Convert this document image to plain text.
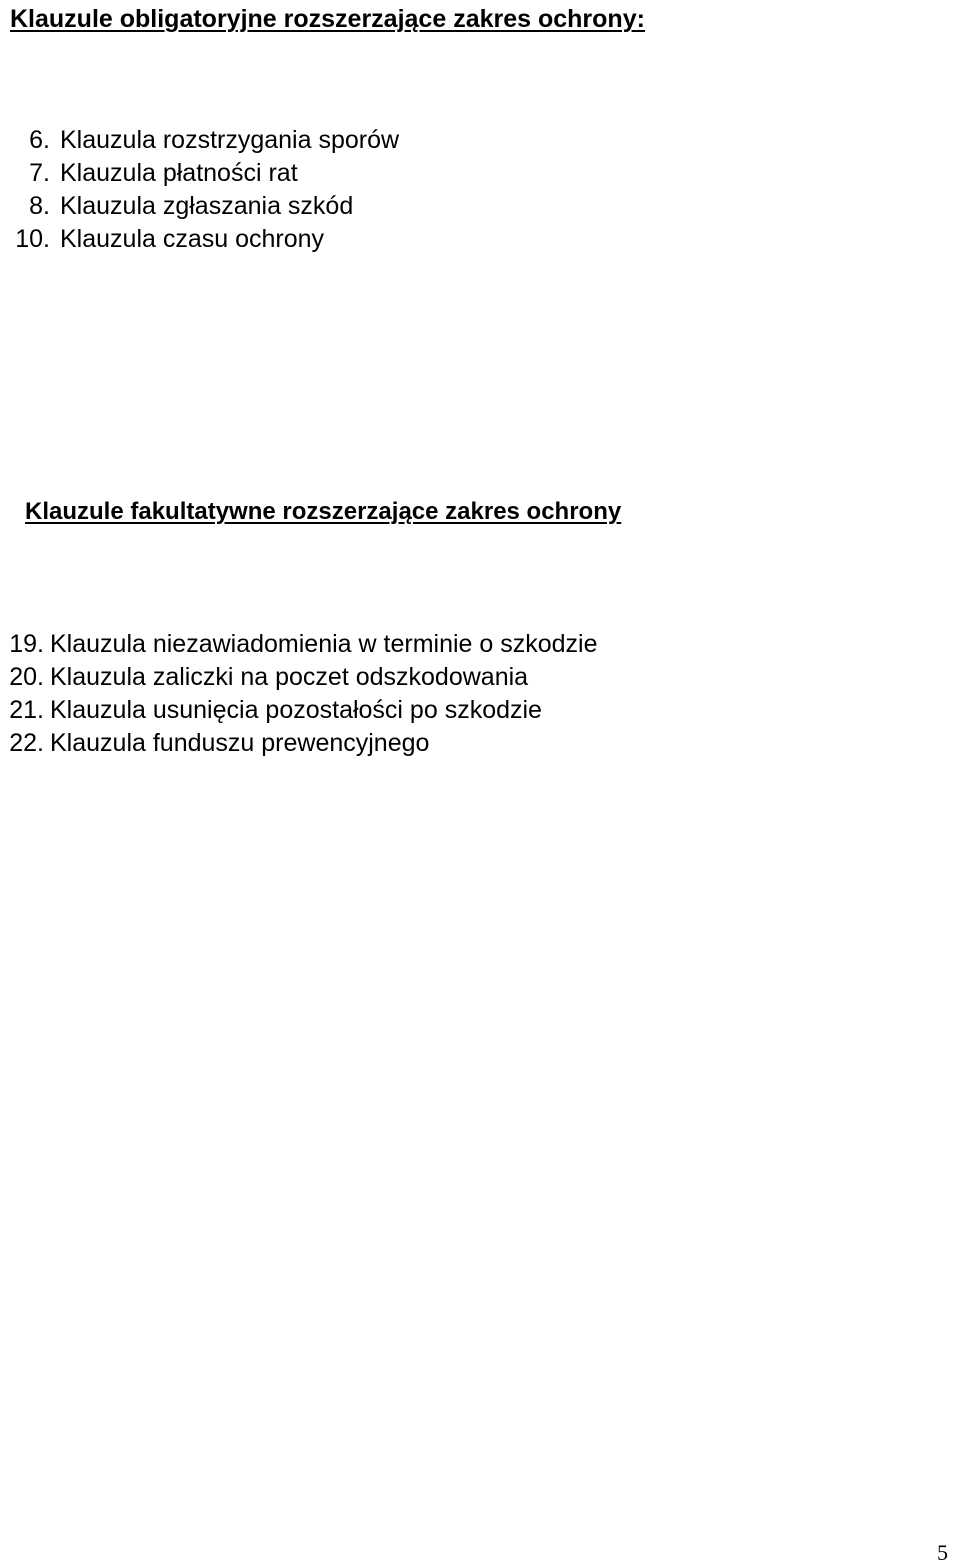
Klauzule obligatoryjne rozszerzające zakres ochrony:
6. Klauzula rozstrzygania sporów
7. Klauzula płatności rat
8. Klauzula zgłaszania szkód
10. Klauzula czasu ochrony
Klauzule fakultatywne rozszerzające zakres ochrony
19. Klauzula niezawiadomienia w terminie o szkodzie
20. Klauzula zaliczki na poczet odszkodowania
21. Klauzula usunięcia pozostałości po szkodzie
22. Klauzula funduszu prewencyjnego
5
